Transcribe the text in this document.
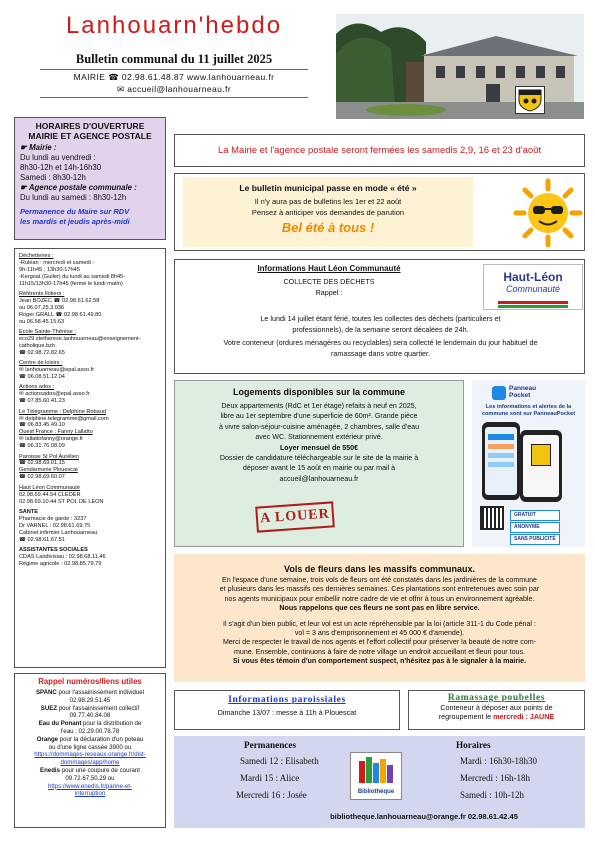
Lanhouarn'hebdo
Bulletin communal du 11 juillet 2025
MAIRIE ☎ 02.98.61.48.87 www.lanhouarneau.fr
✉ accueil@lanhouarneau.fr
HORAIRES D'OUVERTURE
MAIRIE ET AGENCE POSTALE
☛ Mairie :
Du lundi au vendredi :
8h30-12h et 14h-16h30
Samedi : 8h30-12h
☛ Agence postale communale :
Du lundi au samedi : 8h30-12h
Permanence du Maire sur RDV
les mardis et jeudis après-midi
Déchetteries :
-Ruléan : mercredi et samedi :
9h-11h45 ; 13h30-17h45
-Kergoat (Guiler) du lundi au samedi 8h45-
11h15/13h30-17h45 (fermé le lundi matin)
Référents Ilotiers :
Jean BOZEC ☎ 02.98.61.62.58
ou 06.07.25.3.036
Roger GRALL ☎ 02.98.61.49.80
ou 06.58.45.15.63
Ecole Sainte-Thérèse :
eco29.stetherese.lanhouarneau@enseignement-
catholique.bzh
☎ 02.98.72.82.65
Centre de loisirs :
✉ lanhouarneau@epal.asso.fr
☎ 06.08.51.12.04
Actions ados :
✉ actionsados@epal.asso.fr
☎ 07.85.60.41.23
Le Télégramme : Delphine Robaud
✉ delphine.telegramme@gmail.com
☎ 06.83.45.49.10
Ouest France : Fanny Lallatto
✉ lallattofanny@orange.fr
☎ 06.31.76.08.09
Paroisse St Pol Aurélien
☎ 02.98.69.01.15
Gendarmerie Plouescat
☎ 02.98.69.60.07
Haut Léon Communauté
02.98.69.44.54 CLEDER
02.98.69.10.44 ST POL DE LEON
SANTE
Pharmacie de garde : 3237
Dr VARNEL : 02.98.61.69.75
Cabinet infirmier Lanhouarneau
☎ 02.98.61.67.51
ASSISTANTES SOCIALES
CDAS Landivisiau : 02.98.68.11.46
Régime agricole : 02.98.85.79.79
Rappel numéros/liens utiles
SPANC pour l'assainissement individuel
02.98.29.51.45
SUEZ pour l'assainissement collectif
09.77.40.84.08
Eau du Ponant pour la distribution de
l'eau : 02.29.00.78.78
Orange pour la déclaration d'un poteau
ou d'une ligne cassée 3900 ou
https://dommages-reseaux.orange.fr/dist-
dommages/app/home
Enedis pour une coupure de courant
09.72.67.50.29 ou
https://www.enedis.fr/panne-et-
interruption
La Mairie et l'agence postale seront fermées les samedis 2,9, 16 et 23 d'août
Le bulletin municipal passe en mode « été »
Il n'y aura pas de bulletins les 1er et 22 août
Pensez à anticiper vos demandes de parution
Bel été à tous !
Informations Haut Léon Communauté
COLLECTE DES DÉCHETS
Rappel :
Le lundi 14 juillet étant férié, toutes les collectes des déchets (particuliers et
professionnels), de la semaine seront décalées de 24h.
Votre conteneur (ordures ménagères ou recyclables) sera collecté le lendemain du jour habituel de
ramassage dans votre quartier.
Haut-Léon
Communauté
Logements disponibles sur la commune
Deux appartements (RdC et 1er étage) refaits à neuf en 2025,
libre au 1er septembre d'une superficie de 60m². Grande pièce
à vivre salon-séjour-cuisine aménagée, 2 chambres, salle d'eau
avec WC. Stationnement extérieur privé.
Loyer mensuel de 550€
Dossier de candidature téléchargeable sur le site de la mairie à
déposer avant le 15 août en mairie ou par mail à
accueil@lanhouarneau.fr
A LOUER
Panneau
Pocket
Les informations et alertes de la
commune sont sur PanneauPocket
GRATUIT
ANONYME
SANS PUBLICITÉ
Vols de fleurs dans les massifs communaux.
En l'espace d'une semaine, trois vols de fleurs ont été constatés dans les jardinières de la commune
et plusieurs dans les massifs ces dernières semaines. Ces plantations sont entretenues avec soin par
nos agents municipaux pour embellir notre cadre de vie et offrir à tous un environnement agréable.
Nous rappelons que ces fleurs ne sont pas en libre service.
Il s'agit d'un bien public, et leur vol est un acte répréhensible par la loi (article 311-1 du Code pénal :
vol = 3 ans d'emprisonnement et 45 000 € d'amende).
Merci de respecter le travail de nos agents et l'effort collectif pour préserver la beauté de notre com-
mune. Ensemble, continuons à faire de notre village un endroit accueillant et fleuri pour tous.
Si vous êtes témoin d'un comportement suspect, n'hésitez pas à le signaler à la mairie.
Informations paroissiales
Dimanche 13/07 : messe à 11h à Plouescat
Ramassage poubelles
Conteneur à déposer aux points de
regroupement le mercredi : JAUNE
Permanences
Samedi 12 : Elisabeth
Mardi 15 : Alice
Mercredi 16 : Josée
Horaires
Mardi : 16h30-18h30
Mercredi : 16h-18h
Samedi : 10h-12h
Bibliothèque
bibliotheque.lanhouarneau@orange.fr 02.98.61.42.45
